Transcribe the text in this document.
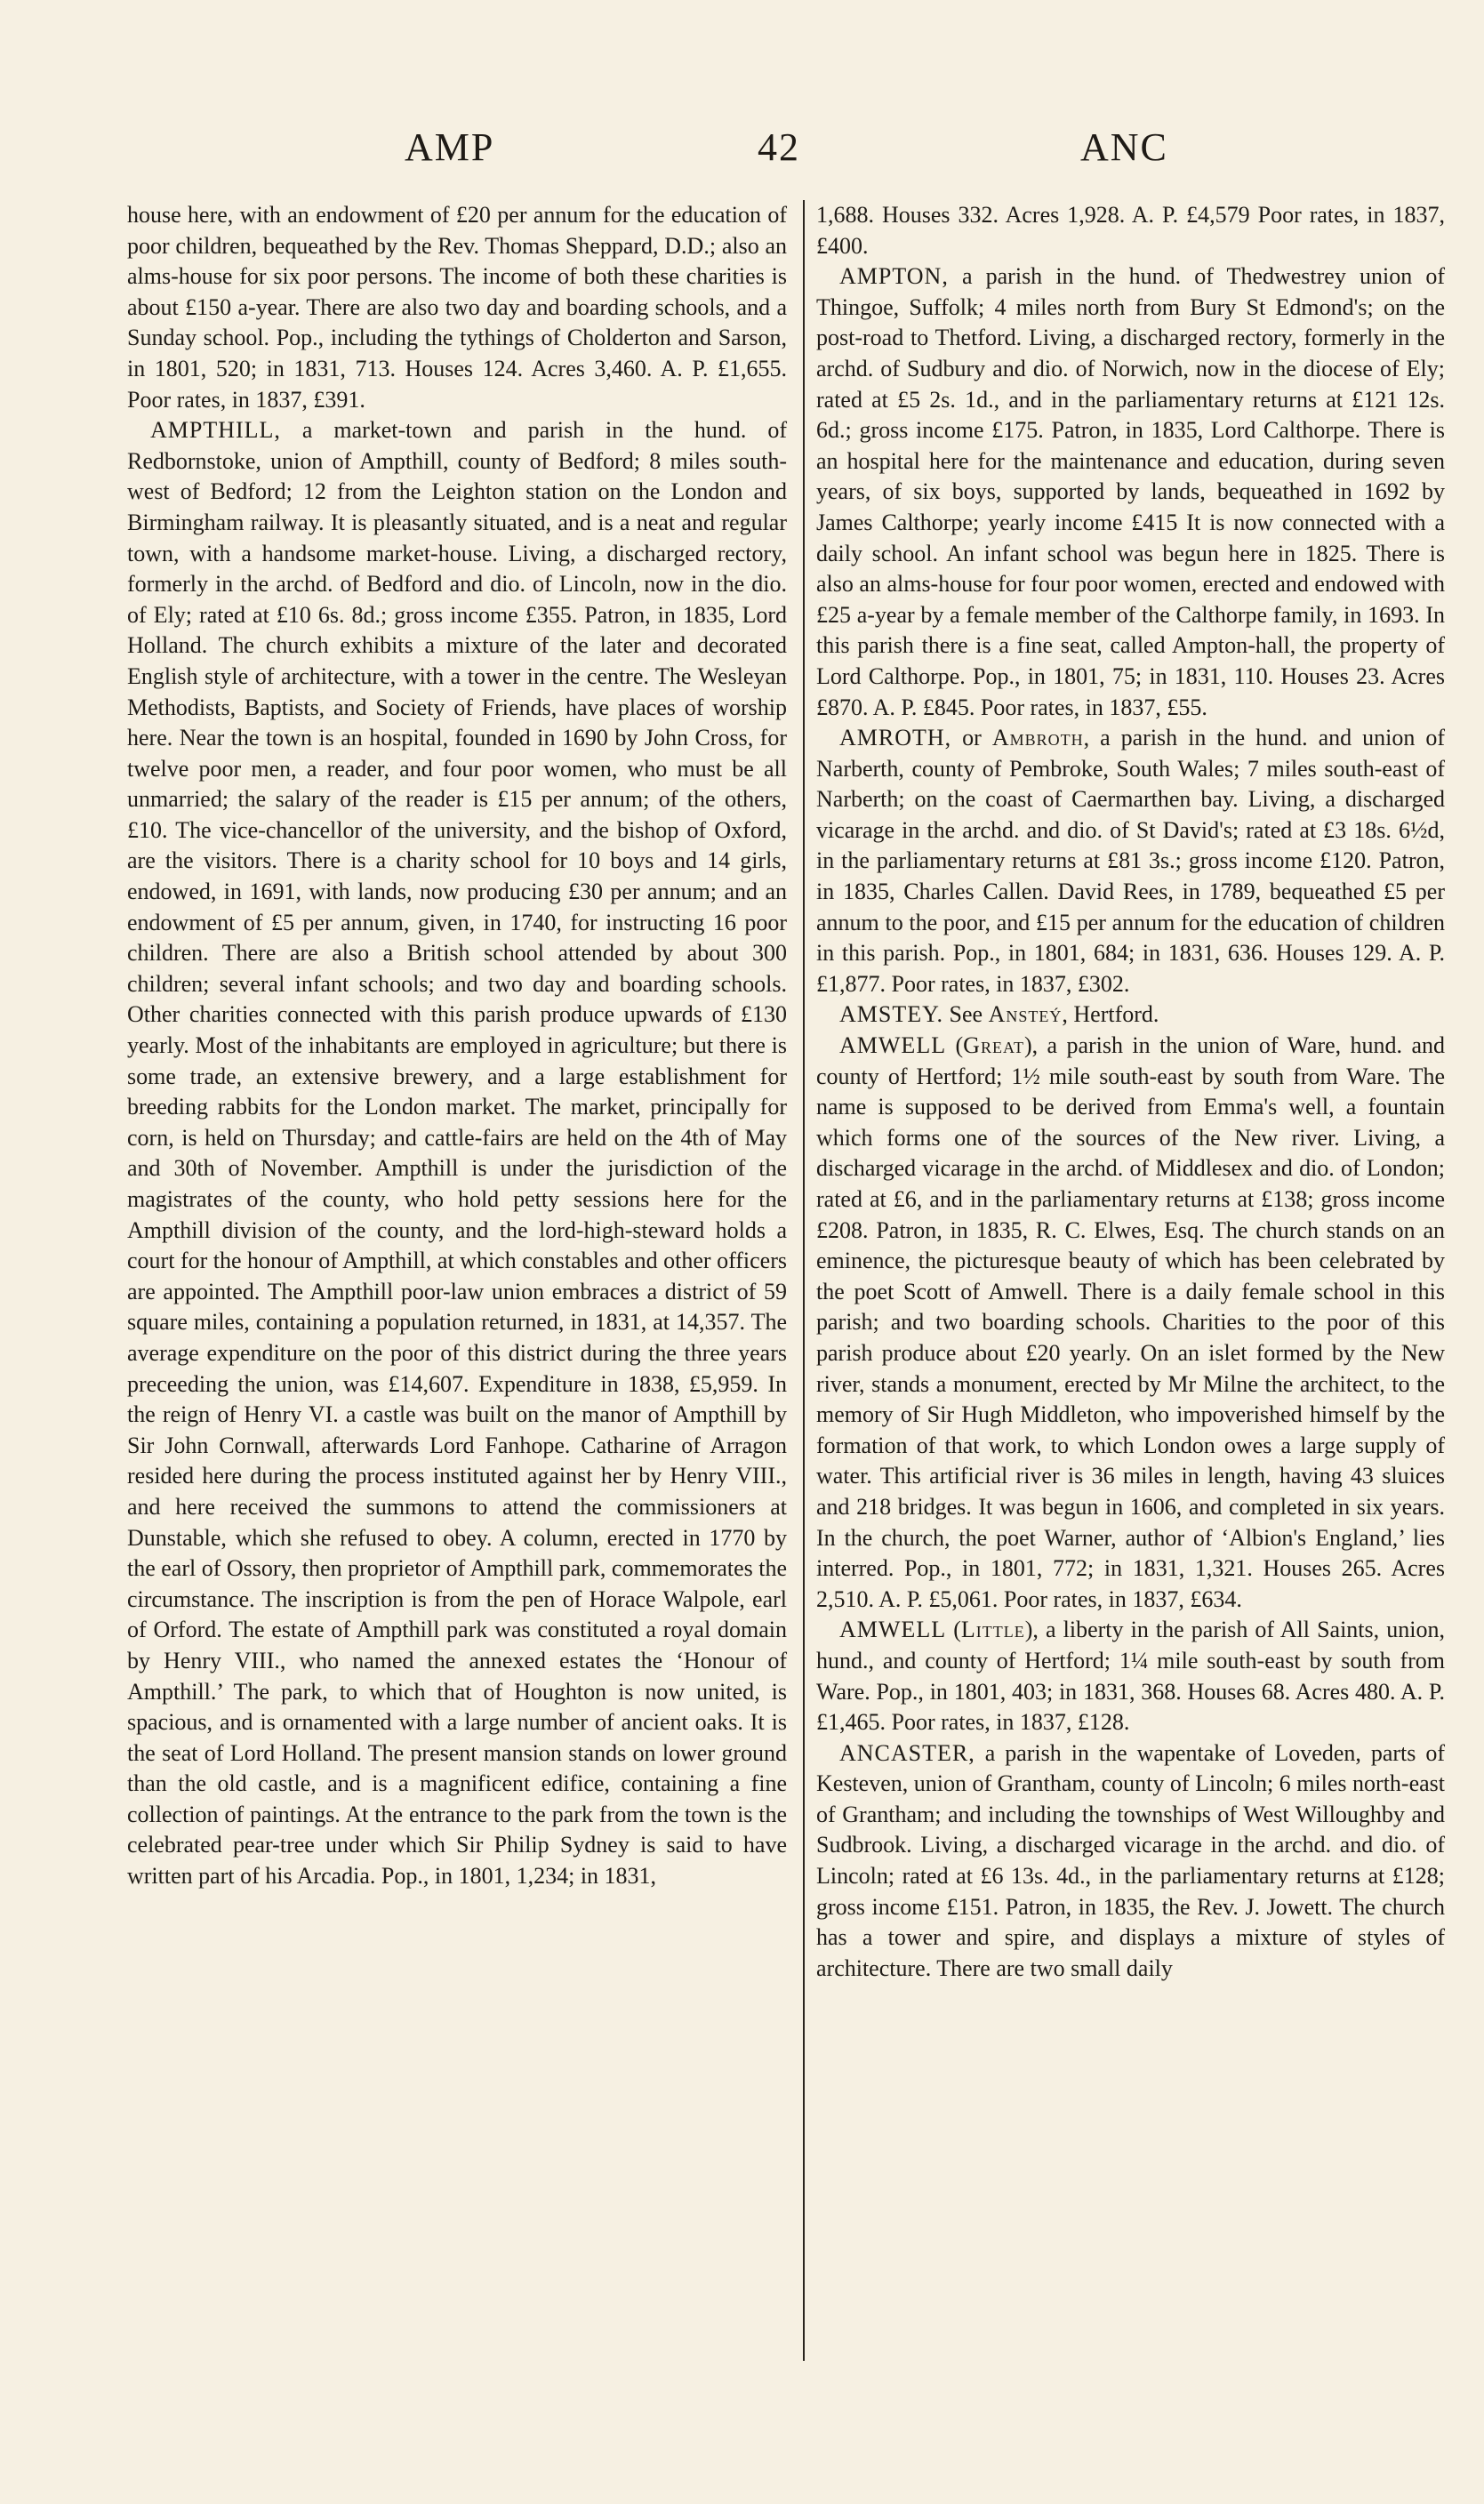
AMP	42	ANC

house here, with an endowment of £20 per annum for the education of poor children, bequeathed by the Rev. Thomas Sheppard, D.D.; also an alms-house for six poor persons. The income of both these charities is about £150 a-year. There are also two day and boarding schools, and a Sunday school. Pop., including the tythings of Cholderton and Sarson, in 1801, 520; in 1831, 713. Houses 124. Acres 3,460. A. P. £1,655. Poor rates, in 1837, £391.

AMPTHILL, a market-town and parish in the hund. of Redbornstoke, union of Ampthill, county of Bedford; 8 miles south-west of Bedford; 12 from the Leighton station on the London and Birmingham railway. It is pleasantly situated, and is a neat and regular town, with a handsome market-house. Living, a discharged rectory, formerly in the archd. of Bedford and dio. of Lincoln, now in the dio. of Ely; rated at £10 6s. 8d.; gross income £355. Patron, in 1835, Lord Holland. The church exhibits a mixture of the later and decorated English style of architecture, with a tower in the centre. The Wesleyan Methodists, Baptists, and Society of Friends, have places of worship here. Near the town is an hospital, founded in 1690 by John Cross, for twelve poor men, a reader, and four poor women, who must be all unmarried; the salary of the reader is £15 per annum; of the others, £10. The vice-chancellor of the university, and the bishop of Oxford, are the visitors. There is a charity school for 10 boys and 14 girls, endowed, in 1691, with lands, now producing £30 per annum; and an endowment of £5 per annum, given, in 1740, for instructing 16 poor children. There are also a British school attended by about 300 children; several infant schools; and two day and boarding schools. Other charities connected with this parish produce upwards of £130 yearly. Most of the inhabitants are employed in agriculture; but there is some trade, an extensive brewery, and a large establishment for breeding rabbits for the London market. The market, principally for corn, is held on Thursday; and cattle-fairs are held on the 4th of May and 30th of November. Ampthill is under the jurisdiction of the magistrates of the county, who hold petty sessions here for the Ampthill division of the county, and the lord-high-steward holds a court for the honour of Ampthill, at which constables and other officers are appointed. The Ampthill poor-law union embraces a district of 59 square miles, containing a population returned, in 1831, at 14,357. The average expenditure on the poor of this district during the three years preceeding the union, was £14,607. Expenditure in 1838, £5,959. In the reign of Henry VI. a castle was built on the manor of Ampthill by Sir John Cornwall, afterwards Lord Fanhope. Catharine of Arragon resided here during the process instituted against her by Henry VIII., and here received the summons to attend the commissioners at Dunstable, which she refused to obey. A column, erected in 1770 by the earl of Ossory, then proprietor of Ampthill park, commemorates the circumstance. The inscription is from the pen of Horace Walpole, earl of Orford. The estate of Ampthill park was constituted a royal domain by Henry VIII., who named the annexed estates the ‘Honour of Ampthill.’ The park, to which that of Houghton is now united, is spacious, and is ornamented with a large number of ancient oaks. It is the seat of Lord Holland. The present mansion stands on lower ground than the old castle, and is a magnificent edifice, containing a fine collection of paintings. At the entrance to the park from the town is the celebrated pear-tree under which Sir Philip Sydney is said to have written part of his Arcadia. Pop., in 1801, 1,234; in 1831,

1,688. Houses 332. Acres 1,928. A. P. £4,579 Poor rates, in 1837, £400.

AMPTON, a parish in the hund. of Thedwestrey union of Thingoe, Suffolk; 4 miles north from Bury St Edmond's; on the post-road to Thetford. Living, a discharged rectory, formerly in the archd. of Sudbury and dio. of Norwich, now in the diocese of Ely; rated at £5 2s. 1d., and in the parliamentary returns at £121 12s. 6d.; gross income £175. Patron, in 1835, Lord Calthorpe. There is an hospital here for the maintenance and education, during seven years, of six boys, supported by lands, bequeathed in 1692 by James Calthorpe; yearly income £415 It is now connected with a daily school. An infant school was begun here in 1825. There is also an alms-house for four poor women, erected and endowed with £25 a-year by a female member of the Calthorpe family, in 1693. In this parish there is a fine seat, called Ampton-hall, the property of Lord Calthorpe. Pop., in 1801, 75; in 1831, 110. Houses 23. Acres £870. A. P. £845. Poor rates, in 1837, £55.

AMROTH, or Ambroth, a parish in the hund. and union of Narberth, county of Pembroke, South Wales; 7 miles south-east of Narberth; on the coast of Caermarthen bay. Living, a discharged vicarage in the archd. and dio. of St David's; rated at £3 18s. 6½d, in the parliamentary returns at £81 3s.; gross income £120. Patron, in 1835, Charles Callen. David Rees, in 1789, bequeathed £5 per annum to the poor, and £15 per annum for the education of children in this parish. Pop., in 1801, 684; in 1831, 636. Houses 129. A. P. £1,877. Poor rates, in 1837, £302.

AMSTEY. See Ansteý, Hertford.

AMWELL (Great), a parish in the union of Ware, hund. and county of Hertford; 1½ mile south-east by south from Ware. The name is supposed to be derived from Emma's well, a fountain which forms one of the sources of the New river. Living, a discharged vicarage in the archd. of Middlesex and dio. of London; rated at £6, and in the parliamentary returns at £138; gross income £208. Patron, in 1835, R. C. Elwes, Esq. The church stands on an eminence, the picturesque beauty of which has been celebrated by the poet Scott of Amwell. There is a daily female school in this parish; and two boarding schools. Charities to the poor of this parish produce about £20 yearly. On an islet formed by the New river, stands a monument, erected by Mr Milne the architect, to the memory of Sir Hugh Middleton, who impoverished himself by the formation of that work, to which London owes a large supply of water. This artificial river is 36 miles in length, having 43 sluices and 218 bridges. It was begun in 1606, and completed in six years. In the church, the poet Warner, author of ‘Albion's England,’ lies interred. Pop., in 1801, 772; in 1831, 1,321. Houses 265. Acres 2,510. A. P. £5,061. Poor rates, in 1837, £634.

AMWELL (Little), a liberty in the parish of All Saints, union, hund., and county of Hertford; 1¼ mile south-east by south from Ware. Pop., in 1801, 403; in 1831, 368. Houses 68. Acres 480. A. P. £1,465. Poor rates, in 1837, £128.

ANCASTER, a parish in the wapentake of Loveden, parts of Kesteven, union of Grantham, county of Lincoln; 6 miles north-east of Grantham; and including the townships of West Willoughby and Sudbrook. Living, a discharged vicarage in the archd. and dio. of Lincoln; rated at £6 13s. 4d., in the parliamentary returns at £128; gross income £151. Patron, in 1835, the Rev. J. Jowett. The church has a tower and spire, and displays a mixture of styles of architecture. There are two small daily
